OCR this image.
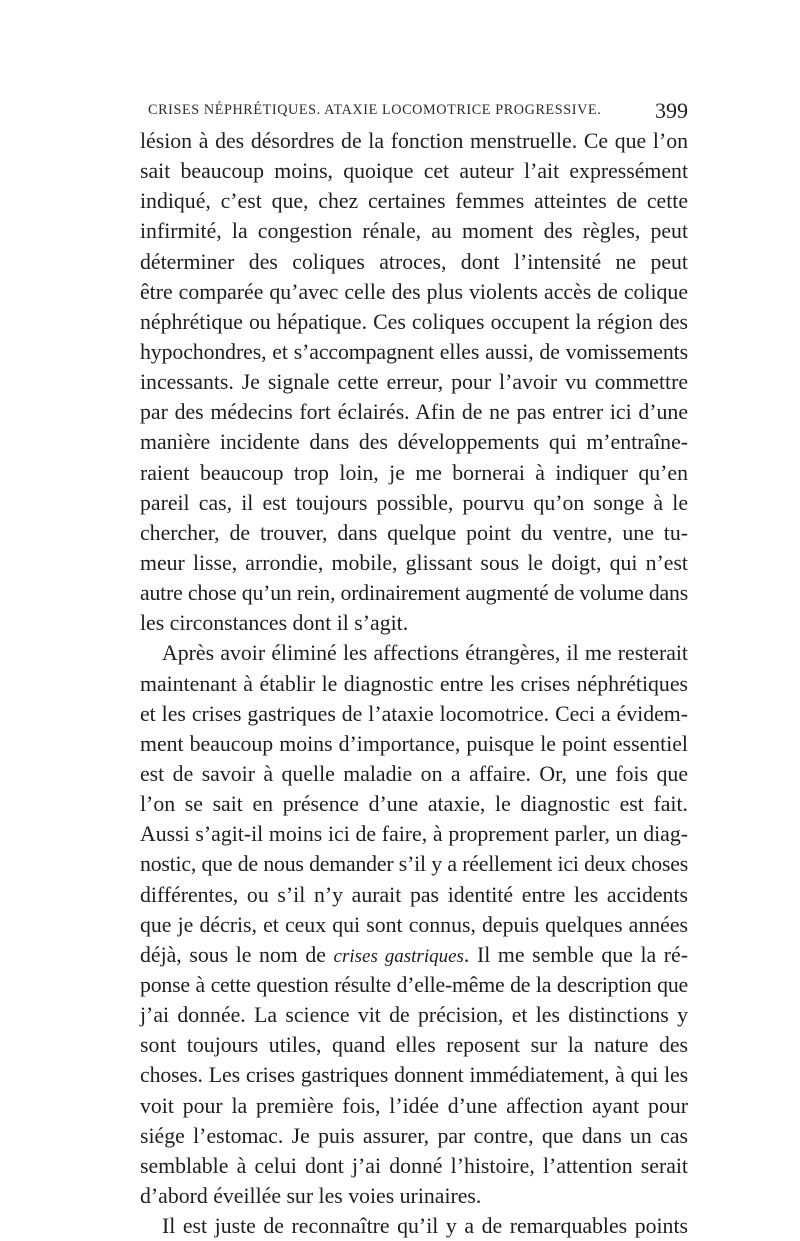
CRISES NÉPHRÉTIQUES. ATAXIE LOCOMOTRICE PROGRESSIVE. 399
lésion à des désordres de la fonction menstruelle. Ce que l’on
sait beaucoup moins, quoique cet auteur l’ait expressément
indiqué, c’est que, chez certaines femmes atteintes de cette
infirmité, la congestion rénale, au moment des règles, peut
déterminer des coliques atroces, dont l’intensité ne peut
être comparée qu’avec celle des plus violents accès de colique
néphrétique ou hépatique. Ces coliques occupent la région des
hypochondres, et s’accompagnent elles aussi, de vomissements
incessants. Je signale cette erreur, pour l’avoir vu commettre
par des médecins fort éclairés. Afin de ne pas entrer ici d’une
manière incidente dans des développements qui m’entraîne-
raient beaucoup trop loin, je me bornerai à indiquer qu’en
pareil cas, il est toujours possible, pourvu qu’on songe à le
chercher, de trouver, dans quelque point du ventre, une tu-
meur lisse, arrondie, mobile, glissant sous le doigt, qui n’est
autre chose qu’un rein, ordinairement augmenté de volume dans
les circonstances dont il s’agit.
Après avoir éliminé les affections étrangères, il me resterait
maintenant à établir le diagnostic entre les crises néphrétiques
et les crises gastriques de l’ataxie locomotrice. Ceci a évidem-
ment beaucoup moins d’importance, puisque le point essentiel
est de savoir à quelle maladie on a affaire. Or, une fois que
l’on se sait en présence d’une ataxie, le diagnostic est fait.
Aussi s’agit-il moins ici de faire, à proprement parler, un diag-
nostic, que de nous demander s’il y a réellement ici deux choses
différentes, ou s’il n’y aurait pas identité entre les accidents
que je décris, et ceux qui sont connus, depuis quelques années
déjà, sous le nom de crises gastriques. Il me semble que la ré-
ponse à cette question résulte d’elle-même de la description que
j’ai donnée. La science vit de précision, et les distinctions y
sont toujours utiles, quand elles reposent sur la nature des
choses. Les crises gastriques donnent immédiatement, à qui les
voit pour la première fois, l’idée d’une affection ayant pour
siége l’estomac. Je puis assurer, par contre, que dans un cas
semblable à celui dont j’ai donné l’histoire, l’attention serait
d’abord éveillée sur les voies urinaires.
Il est juste de reconnaître qu’il y a de remarquables points
